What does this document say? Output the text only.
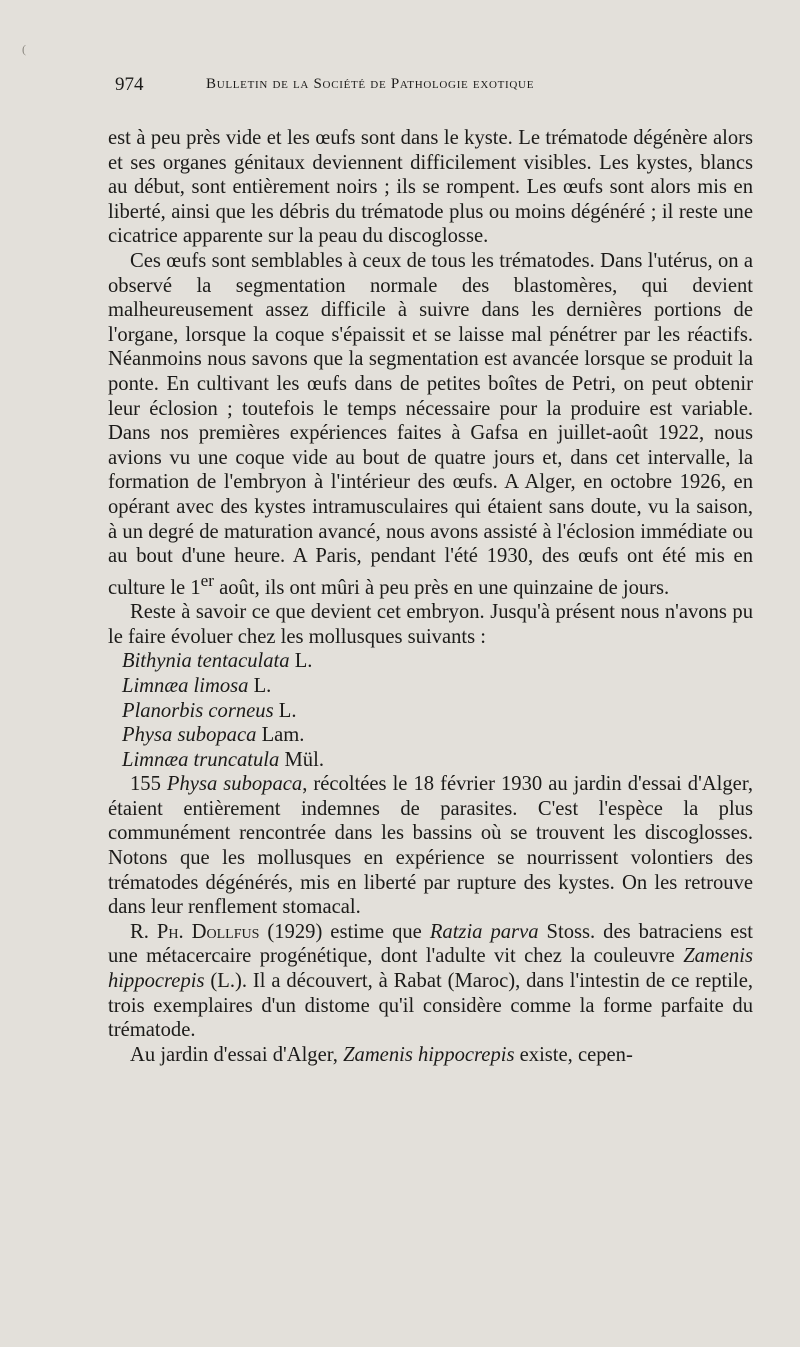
(
974	Bulletin de la Société de Pathologie exotique

est à peu près vide et les œufs sont dans le kyste. Le trématode dégénère alors et ses organes génitaux deviennent difficilement visibles. Les kystes, blancs au début, sont entièrement noirs ; ils se rompent. Les œufs sont alors mis en liberté, ainsi que les débris du trématode plus ou moins dégénéré ; il reste une cicatrice apparente sur la peau du discoglosse.

Ces œufs sont semblables à ceux de tous les trématodes. Dans l'utérus, on a observé la segmentation normale des blastomères, qui devient malheureusement assez difficile à suivre dans les dernières portions de l'organe, lorsque la coque s'épaissit et se laisse mal pénétrer par les réactifs. Néanmoins nous savons que la segmentation est avancée lorsque se produit la ponte. En cultivant les œufs dans de petites boîtes de Petri, on peut obtenir leur éclosion ; toutefois le temps nécessaire pour la produire est variable. Dans nos premières expériences faites à Gafsa en juillet-août 1922, nous avions vu une coque vide au bout de quatre jours et, dans cet intervalle, la formation de l'embryon à l'intérieur des œufs. A Alger, en octobre 1926, en opérant avec des kystes intramusculaires qui étaient sans doute, vu la saison, à un degré de maturation avancé, nous avons assisté à l'éclosion immédiate ou au bout d'une heure. A Paris, pendant l'été 1930, des œufs ont été mis en culture le 1er août, ils ont mûri à peu près en une quinzaine de jours.

Reste à savoir ce que devient cet embryon. Jusqu'à présent nous n'avons pu le faire évoluer chez les mollusques suivants :

Bithynia tentaculata L.
Limnæa limosa L.
Planorbis corneus L.
Physa subopaca Lam.
Limnæa truncatula Mül.

155 Physa subopaca, récoltées le 18 février 1930 au jardin d'essai d'Alger, étaient entièrement indemnes de parasites. C'est l'espèce la plus communément rencontrée dans les bassins où se trouvent les discoglosses. Notons que les mollusques en expérience se nourrissent volontiers des trématodes dégénérés, mis en liberté par rupture des kystes. On les retrouve dans leur renflement stomacal.

R. Ph. Dollfus (1929) estime que Ratzia parva Stoss. des batraciens est une métacercaire progénétique, dont l'adulte vit chez la couleuvre Zamenis hippocrepis (L.). Il a découvert, à Rabat (Maroc), dans l'intestin de ce reptile, trois exemplaires d'un distome qu'il considère comme la forme parfaite du trématode.

Au jardin d'essai d'Alger, Zamenis hippocrepis existe, cepen-
